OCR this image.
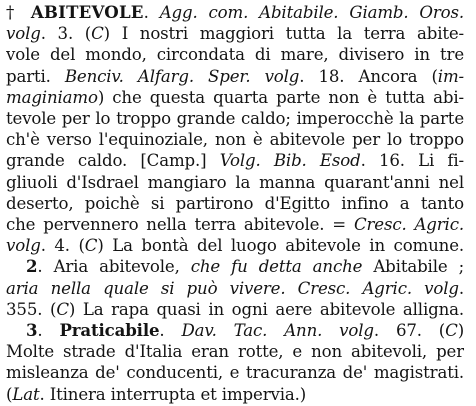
† ABITEVOLE. Agg. com. Abitabile. Giamb. Oros.
volg. 3. (C) I nostri maggiori tutta la terra abite-
vole del mondo, circondata di mare, divisero in tre
parti. Benciv. Alfarg. Sper. volg. 18. Ancora (im-
maginiamo) che questa quarta parte non è tutta abi-
tevole per lo troppo grande caldo; imperocchè la parte
ch'è verso l'equinoziale, non è abitevole per lo troppo
grande caldo. [Camp.] Volg. Bib. Esod. 16. Li fi-
gliuoli d'Isdrael mangiaro la manna quarant'anni nel
deserto, poichè si partirono d'Egitto infino a tanto
che pervennero nella terra abitevole. = Cresc. Agric.
volg. 4. (C) La bontà del luogo abitevole in comune.
2. Aria abitevole, che fu detta anche Abitabile ;
aria nella quale si può vivere. Cresc. Agric. volg.
355. (C) La rapa quasi in ogni aere abitevole alligna.
3. Praticabile. Dav. Tac. Ann. volg. 67. (C)
Molte strade d'Italia eran rotte, e non abitevoli, per
misleanza de' conducenti, e tracuranza de' magistrati.
(Lat. Itinera interrupta et impervia.)
